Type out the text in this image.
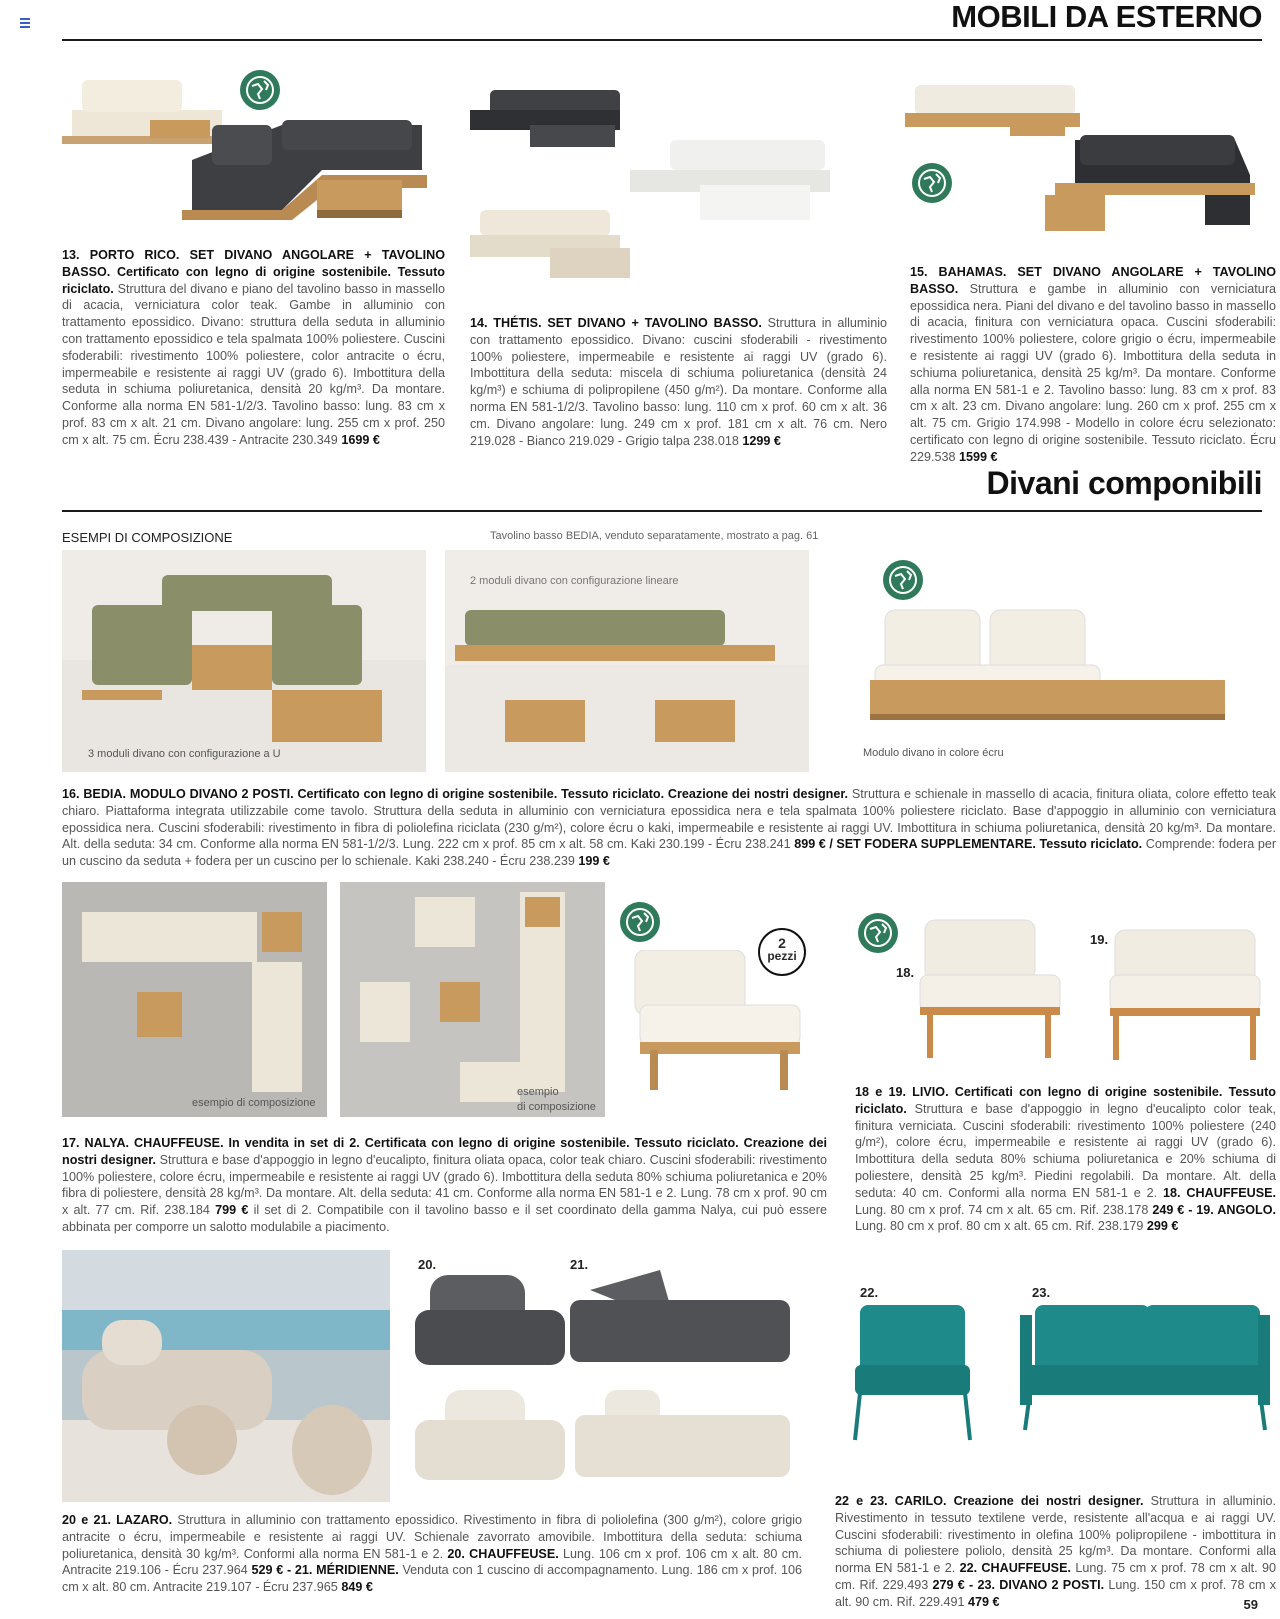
MOBILI DA ESTERNO
13. PORTO RICO. SET DIVANO ANGOLARE + TAVOLINO BASSO. Certificato con legno di origine sostenibile. Tessuto riciclato. Struttura del divano e piano del tavolino basso in massello di acacia, verniciatura color teak. Gambe in alluminio con trattamento epossidico. Divano: struttura della seduta in alluminio con trattamento epossidico e tela spalmata 100% poliestere. Cuscini sfoderabili: rivestimento 100% poliestere, color antracite o écru, impermeabile e resistente ai raggi UV (grado 6). Imbottitura della seduta in schiuma poliuretanica, densità 20 kg/m³. Da montare. Conforme alla norma EN 581-1/2/3. Tavolino basso: lung. 83 cm x prof. 83 cm x alt. 21 cm. Divano angolare: lung. 255 cm x prof. 250 cm x alt. 75 cm. Écru 238.439 - Antracite 230.349 1699 €
14. THÉTIS. SET DIVANO + TAVOLINO BASSO. Struttura in alluminio con trattamento epossidico. Divano: cuscini sfoderabili - rivestimento 100% poliestere, impermeabile e resistente ai raggi UV (grado 6). Imbottitura della seduta: miscela di schiuma poliuretanica (densità 24 kg/m³) e schiuma di polipropilene (450 g/m²). Da montare. Conforme alla norma EN 581-1/2/3. Tavolino basso: lung. 110 cm x prof. 60 cm x alt. 36 cm. Divano angolare: lung. 249 cm x prof. 181 cm x alt. 76 cm. Nero 219.028 - Bianco 219.029 - Grigio talpa 238.018 1299 €
15. BAHAMAS. SET DIVANO ANGOLARE + TAVOLINO BASSO. Struttura e gambe in alluminio con verniciatura epossidica nera. Piani del divano e del tavolino basso in massello di acacia, finitura con verniciatura opaca. Cuscini sfoderabili: rivestimento 100% poliestere, colore grigio o écru, impermeabile e resistente ai raggi UV (grado 6). Imbottitura della seduta in schiuma poliuretanica, densità 25 kg/m³. Da montare. Conforme alla norma EN 581-1 e 2. Tavolino basso: lung. 83 cm x prof. 83 cm x alt. 23 cm. Divano angolare: lung. 260 cm x prof. 255 cm x alt. 75 cm. Grigio 174.998 - Modello in colore écru selezionato: certificato con legno di origine sostenibile. Tessuto riciclato. Écru 229.538 1599 €
Divani componibili
ESEMPI DI COMPOSIZIONE	Tavolino basso BEDIA, venduto separatamente, mostrato a pag. 61
3 moduli divano con configurazione a U
2 moduli divano con configurazione lineare
Modulo divano in colore écru
16. BEDIA. MODULO DIVANO 2 POSTI. Certificato con legno di origine sostenibile. Tessuto riciclato. Creazione dei nostri designer. Struttura e schienale in massello di acacia, finitura oliata, colore effetto teak chiaro. Piattaforma integrata utilizzabile come tavolo. Struttura della seduta in alluminio con verniciatura epossidica nera e tela spalmata 100% poliestere riciclato. Base d'appoggio in alluminio con verniciatura epossidica nera. Cuscini sfoderabili: rivestimento in fibra di poliolefina riciclata (230 g/m²), colore écru o kaki, impermeabile e resistente ai raggi UV. Imbottitura in schiuma poliuretanica, densità 20 kg/m³. Da montare. Alt. della seduta: 34 cm. Conforme alla norma EN 581-1/2/3. Lung. 222 cm x prof. 85 cm x alt. 58 cm. Kaki 230.199 - Écru 238.241 899 € / SET FODERA SUPPLEMENTARE. Tessuto riciclato. Comprende: fodera per un cuscino da seduta + fodera per un cuscino per lo schienale. Kaki 238.240 - Écru 238.239 199 €
esempio di composizione
esempio
di composizione
2
pezzi
18.
19.
17. NALYA. CHAUFFEUSE. In vendita in set di 2. Certificata con legno di origine sostenibile. Tessuto riciclato. Creazione dei nostri designer. Struttura e base d'appoggio in legno d'eucalipto, finitura oliata opaca, color teak chiaro. Cuscini sfoderabili: rivestimento 100% poliestere, colore écru, impermeabile e resistente ai raggi UV (grado 6). Imbottitura della seduta 80% schiuma poliuretanica e 20% fibra di poliestere, densità 28 kg/m³. Da montare. Alt. della seduta: 41 cm. Conforme alla norma EN 581-1 e 2. Lung. 78 cm x prof. 90 cm x alt. 77 cm. Rif. 238.184 799 € il set di 2. Compatibile con il tavolino basso e il set coordinato della gamma Nalya, cui può essere abbinata per comporre un salotto modulabile a piacimento.
18 e 19. LIVIO. Certificati con legno di origine sostenibile. Tessuto riciclato. Struttura e base d'appoggio in legno d'eucalipto color teak, finitura verniciata. Cuscini sfoderabili: rivestimento 100% poliestere (240 g/m²), colore écru, impermeabile e resistente ai raggi UV (grado 6). Imbottitura della seduta 80% schiuma poliuretanica e 20% schiuma di poliestere, densità 25 kg/m³. Piedini regolabili. Da montare. Alt. della seduta: 40 cm. Conformi alla norma EN 581-1 e 2. 18. CHAUFFEUSE. Lung. 80 cm x prof. 74 cm x alt. 65 cm. Rif. 238.178 249 € - 19. ANGOLO. Lung. 80 cm x prof. 80 cm x alt. 65 cm. Rif. 238.179 299 €
20.	21.
22.	23.
20 e 21. LAZARO. Struttura in alluminio con trattamento epossidico. Rivestimento in fibra di poliolefina (300 g/m²), colore grigio antracite o écru, impermeabile e resistente ai raggi UV. Schienale zavorrato amovibile. Imbottitura della seduta: schiuma poliuretanica, densità 30 kg/m³. Conformi alla norma EN 581-1 e 2. 20. CHAUFFEUSE. Lung. 106 cm x prof. 106 cm x alt. 80 cm. Antracite 219.106 - Écru 237.964 529 € - 21. MÉRIDIENNE. Venduta con 1 cuscino di accompagnamento. Lung. 186 cm x prof. 106 cm x alt. 80 cm. Antracite 219.107 - Écru 237.965 849 €
22 e 23. CARILO. Creazione dei nostri designer. Struttura in alluminio. Rivestimento in tessuto textilene verde, resistente all'acqua e ai raggi UV. Cuscini sfoderabili: rivestimento in olefina 100% polipropilene - imbottitura in schiuma di poliestere poliolo, densità 25 kg/m³. Da montare. Conformi alla norma EN 581-1 e 2. 22. CHAUFFEUSE. Lung. 75 cm x prof. 78 cm x alt. 90 cm. Rif. 229.493 279 € - 23. DIVANO 2 POSTI. Lung. 150 cm x prof. 78 cm x alt. 90 cm. Rif. 229.491 479 €	59
